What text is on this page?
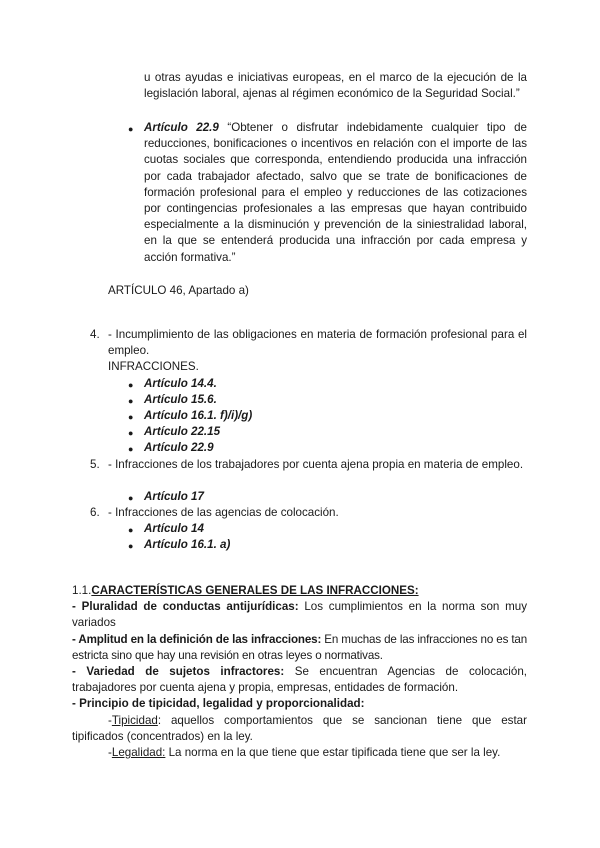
u otras ayudas e iniciativas europeas, en el marco de la ejecución de la legislación laboral, ajenas al régimen económico de la Seguridad Social.”
● Artículo 22.9 “Obtener o disfrutar indebidamente cualquier tipo de reducciones, bonificaciones o incentivos en relación con el importe de las cuotas sociales que corresponda, entendiendo producida una infracción por cada trabajador afectado, salvo que se trate de bonificaciones de formación profesional para el empleo y reducciones de las cotizaciones por contingencias profesionales a las empresas que hayan contribuido especialmente a la disminución y prevención de la siniestralidad laboral, en la que se entenderá producida una infracción por cada empresa y acción formativa.”
ARTÍCULO 46, Apartado a)
4. - Incumplimiento de las obligaciones en materia de formación profesional para el empleo.
INFRACCIONES.
● Artículo 14.4.
● Artículo 15.6.
● Artículo 16.1. f)/i)/g)
● Artículo 22.15
● Artículo 22.9
5. - Infracciones de los trabajadores por cuenta ajena propia en materia de empleo.
● Artículo 17
6. - Infracciones de las agencias de colocación.
● Artículo 14
● Artículo 16.1. a)
1.1.CARACTERÍSTICAS GENERALES DE LAS INFRACCIONES:
- Pluralidad de conductas antijurídicas: Los cumplimientos en la norma son muy variados
- Amplitud en la definición de las infracciones: En muchas de las infracciones no es tan estricta sino que hay una revisión en otras leyes o normativas.
- Variedad de sujetos infractores: Se encuentran Agencias de colocación, trabajadores por cuenta ajena y propia, empresas, entidades de formación.
- Principio de tipicidad, legalidad y proporcionalidad:
-Tipicidad: aquellos comportamientos que se sancionan tiene que estar tipificados (concentrados) en la ley.
-Legalidad: La norma en la que tiene que estar tipificada tiene que ser la ley.
